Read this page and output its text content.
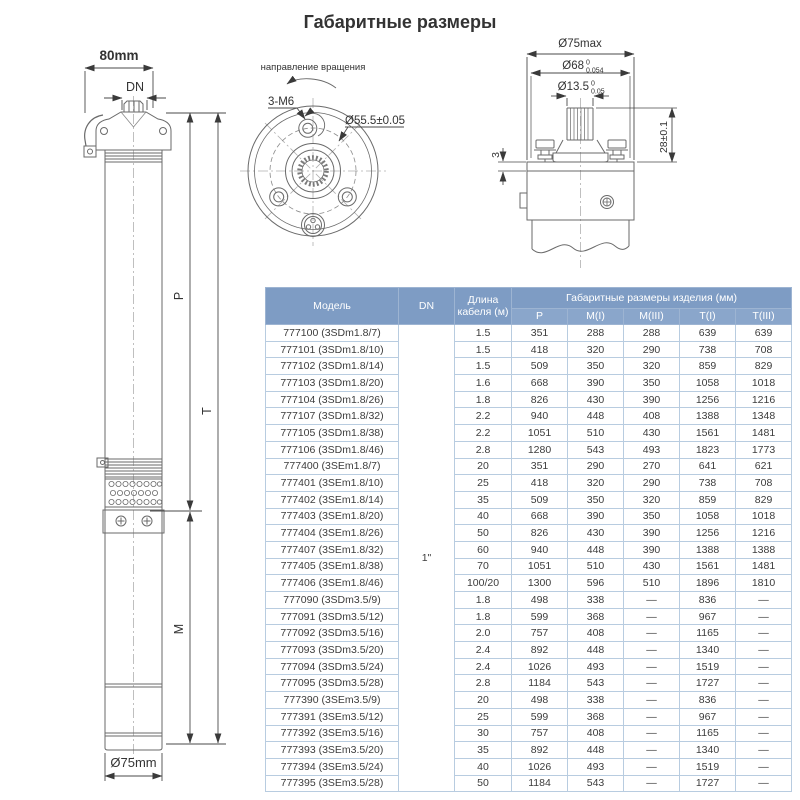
Габаритные размеры
80mm
DN
P
M
T
Ø75mm
направление вращения
3-M6
Ø55.5±0.05
Ø75max
Ø68 0
0.054
Ø13.5 0
0.05
28±0.1
3
Модель	DN	Длина кабеля (м)	Габаритные размеры изделия (мм)				
			P	M(I)	M(III)	T(I)	T(III)
777100 (3SDm1.8/7)	1"	1.5	351	288	288	639	639
777101 (3SDm1.8/10)		1.5	418	320	290	738	708
777102 (3SDm1.8/14)		1.5	509	350	320	859	829
777103 (3SDm1.8/20)		1.6	668	390	350	1058	1018
777104 (3SDm1.8/26)		1.8	826	430	390	1256	1216
777107 (3SDm1.8/32)		2.2	940	448	408	1388	1348
777105 (3SDm1.8/38)		2.2	1051	510	430	1561	1481
777106 (3SDm1.8/46)		2.8	1280	543	493	1823	1773
777400 (3SEm1.8/7)		20	351	290	270	641	621
777401 (3SEm1.8/10)		25	418	320	290	738	708
777402 (3SEm1.8/14)		35	509	350	320	859	829
777403 (3SEm1.8/20)		40	668	390	350	1058	1018
777404 (3SEm1.8/26)		50	826	430	390	1256	1216
777407 (3SEm1.8/32)		60	940	448	390	1388	1388
777405 (3SEm1.8/38)		70	1051	510	430	1561	1481
777406 (3SEm1.8/46)		100/20	1300	596	510	1896	1810
777090 (3SDm3.5/9)		1.8	498	338	—	836	—
777091 (3SDm3.5/12)		1.8	599	368	—	967	—
777092 (3SDm3.5/16)		2.0	757	408	—	1165	—
777093 (3SDm3.5/20)		2.4	892	448	—	1340	—
777094 (3SDm3.5/24)		2.4	1026	493	—	1519	—
777095 (3SDm3.5/28)		2.8	1184	543	—	1727	—
777390 (3SEm3.5/9)		20	498	338	—	836	—
777391 (3SEm3.5/12)		25	599	368	—	967	—
777392 (3SEm3.5/16)		30	757	408	—	1165	—
777393 (3SEm3.5/20)		35	892	448	—	1340	—
777394 (3SEm3.5/24)		40	1026	493	—	1519	—
777395 (3SEm3.5/28)		50	1184	543	—	1727	—
